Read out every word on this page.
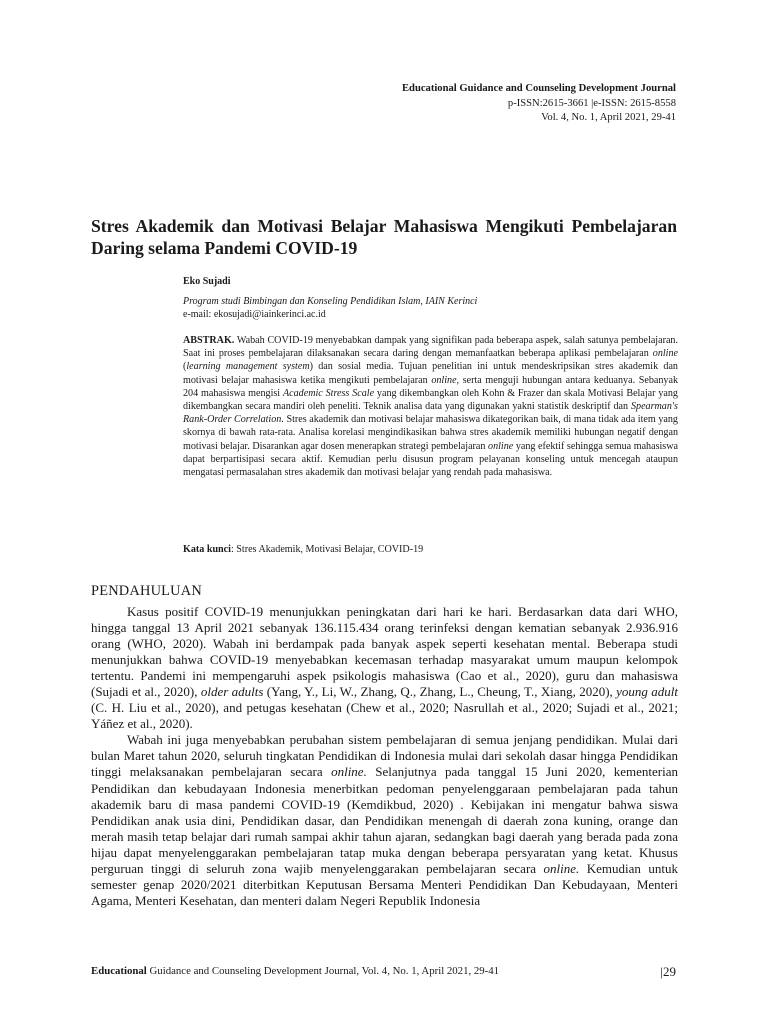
Educational Guidance and Counseling Development Journal
p-ISSN:2615-3661 |e-ISSN: 2615-8558
Vol. 4, No. 1, April 2021, 29-41
Stres Akademik dan Motivasi Belajar Mahasiswa Mengikuti Pembelajaran Daring selama Pandemi COVID-19
Eko Sujadi
Program studi Bimbingan dan Konseling Pendidikan Islam, IAIN Kerinci
e-mail: ekosujadi@iainkerinci.ac.id

ABSTRAK. Wabah COVID-19 menyebabkan dampak yang signifikan pada beberapa aspek, salah satunya pembelajaran. Saat ini proses pembelajaran dilaksanakan secara daring dengan memanfaatkan beberapa aplikasi pembelajaran online (learning management system) dan sosial media. Tujuan penelitian ini untuk mendeskripsikan stres akademik dan motivasi belajar mahasiswa ketika mengikuti pembelajaran online, serta menguji hubungan antara keduanya. Sebanyak 204 mahasiswa mengisi Academic Stress Scale yang dikembangkan oleh Kohn & Frazer dan skala Motivasi Belajar yang dikembangkan secara mandiri oleh peneliti. Teknik analisa data yang digunakan yakni statistik deskriptif dan Spearman's Rank-Order Correlation. Stres akademik dan motivasi belajar mahasiswa dikategorikan baik, di mana tidak ada item yang skornya di bawah rata-rata. Analisa korelasi mengindikasikan bahwa stres akademik memiliki hubungan negatif dengan motivasi belajar. Disarankan agar dosen menerapkan strategi pembelajaran online yang efektif sehingga semua mahasiswa dapat berpartisipasi secara aktif. Kemudian perlu disusun program pelayanan konseling untuk mencegah ataupun mengatasi permasalahan stres akademik dan motivasi belajar yang rendah pada mahasiswa.

Kata kunci: Stres Akademik, Motivasi Belajar, COVID-19

PENDAHULUAN

Kasus positif COVID-19 menunjukkan peningkatan dari hari ke hari. Berdasarkan data dari WHO, hingga tanggal 13 April 2021 sebanyak 136.115.434 orang terinfeksi dengan kematian sebanyak 2.936.916 orang (WHO, 2020). Wabah ini berdampak pada banyak aspek seperti kesehatan mental. Beberapa studi menunjukkan bahwa COVID-19 menyebabkan kecemasan terhadap masyarakat umum maupun kelompok tertentu. Pandemi ini mempengaruhi aspek psikologis mahasiswa (Cao et al., 2020), guru dan mahasiswa (Sujadi et al., 2020), older adults (Yang, Y., Li, W., Zhang, Q., Zhang, L., Cheung, T., Xiang, 2020), young adult (C. H. Liu et al., 2020), and petugas kesehatan (Chew et al., 2020; Nasrullah et al., 2020; Sujadi et al., 2021; Yáñez et al., 2020).

Wabah ini juga menyebabkan perubahan sistem pembelajaran di semua jenjang pendidikan. Mulai dari bulan Maret tahun 2020, seluruh tingkatan Pendidikan di Indonesia mulai dari sekolah dasar hingga Pendidikan tinggi melaksanakan pembelajaran secara online. Selanjutnya pada tanggal 15 Juni 2020, kementerian Pendidikan dan kebudayaan Indonesia menerbitkan pedoman penyelenggaraan pembelajaran pada tahun akademik baru di masa pandemi COVID-19 (Kemdikbud, 2020) . Kebijakan ini mengatur bahwa siswa Pendidikan anak usia dini, Pendidikan dasar, dan Pendidikan menengah di daerah zona kuning, orange dan merah masih tetap belajar dari rumah sampai akhir tahun ajaran, sedangkan bagi daerah yang berada pada zona hijau dapat menyelenggarakan pembelajaran tatap muka dengan beberapa persyaratan yang ketat. Khusus perguruan tinggi di seluruh zona wajib menyelenggarakan pembelajaran secara online. Kemudian untuk semester genap 2020/2021 diterbitkan Keputusan Bersama Menteri Pendidikan Dan Kebudayaan, Menteri Agama, Menteri Kesehatan, dan menteri dalam Negeri Republik Indonesia

Educational Guidance and Counseling Development Journal, Vol. 4, No. 1, April 2021, 29-41	|29
